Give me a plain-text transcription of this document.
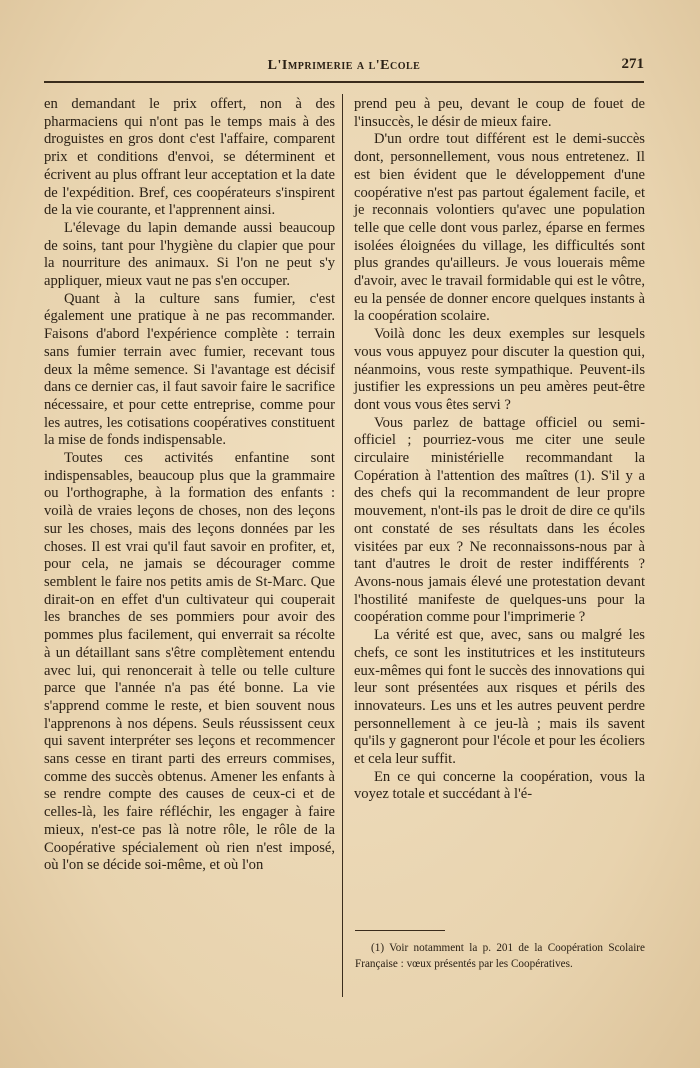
L'Imprimerie a l'Ecole	271

en demandant le prix offert, non à des pharmaciens qui n'ont pas le temps mais à des droguistes en gros dont c'est l'affaire, comparent prix et conditions d'envoi, se déterminent et écrivent au plus offrant leur acceptation et la date de l'expédition. Bref, ces coopérateurs s'inspirent de la vie courante, et l'apprennent ainsi.

L'élevage du lapin demande aussi beaucoup de soins, tant pour l'hygiène du clapier que pour la nourriture des animaux. Si l'on ne peut s'y appliquer, mieux vaut ne pas s'en occuper.

Quant à la culture sans fumier, c'est également une pratique à ne pas recommander. Faisons d'abord l'expérience complète : terrain sans fumier terrain avec fumier, recevant tous deux la même semence. Si l'avantage est décisif dans ce dernier cas, il faut savoir faire le sacrifice nécessaire, et pour cette entreprise, comme pour les autres, les cotisations coopératives constituent la mise de fonds indispensable.

Toutes ces activités enfantine sont indispensables, beaucoup plus que la grammaire ou l'orthographe, à la formation des enfants : voilà de vraies leçons de choses, non des leçons sur les choses, mais des leçons données par les choses. Il est vrai qu'il faut savoir en profiter, et, pour cela, ne jamais se décourager comme semblent le faire nos petits amis de St-Marc. Que dirait-on en effet d'un cultivateur qui couperait les branches de ses pommiers pour avoir des pommes plus facilement, qui enverrait sa récolte à un détaillant sans s'être complètement entendu avec lui, qui renoncerait à telle ou telle culture parce que l'année n'a pas été bonne. La vie s'apprend comme le reste, et bien souvent nous l'apprenons à nos dépens. Seuls réussissent ceux qui savent interpréter ses leçons et recommencer sans cesse en tirant parti des erreurs commises, comme des succès obtenus. Amener les enfants à se rendre compte des causes de ceux-ci et de celles-là, les faire réfléchir, les engager à faire mieux, n'est-ce pas là notre rôle, le rôle de la Coopérative spécialement où rien n'est imposé, où l'on se décide soi-même, et où l'on

prend peu à peu, devant le coup de fouet de l'insuccès, le désir de mieux faire.

D'un ordre tout différent est le demi-succès dont, personnellement, vous nous entretenez. Il est bien évident que le développement d'une coopérative n'est pas partout également facile, et je reconnais volontiers qu'avec une population telle que celle dont vous parlez, éparse en fermes isolées éloignées du village, les difficultés sont plus grandes qu'ailleurs. Je vous louerais même d'avoir, avec le travail formidable qui est le vôtre, eu la pensée de donner encore quelques instants à la coopération scolaire.

Voilà donc les deux exemples sur lesquels vous vous appuyez pour discuter la question qui, néanmoins, vous reste sympathique. Peuvent-ils justifier les expressions un peu amères peut-être dont vous vous êtes servi ?

Vous parlez de battage officiel ou semi-officiel ; pourriez-vous me citer une seule circulaire ministérielle recommandant la Copération à l'attention des maîtres (1). S'il y a des chefs qui la recommandent de leur propre mouvement, n'ont-ils pas le droit de dire ce qu'ils ont constaté de ses résultats dans les écoles visitées par eux ? Ne reconnaissons-nous par à tant d'autres le droit de rester indifférents ? Avons-nous jamais élevé une protestation devant l'hostilité manifeste de quelques-uns pour la coopération comme pour l'imprimerie ?

La vérité est que, avec, sans ou malgré les chefs, ce sont les institutrices et les instituteurs eux-mêmes qui font le succès des innovations qui leur sont présentées aux risques et périls des innovateurs. Les uns et les autres peuvent perdre personnellement à ce jeu-là ; mais ils savent qu'ils y gagneront pour l'école et pour les écoliers et cela leur suffit.

En ce qui concerne la coopération, vous la voyez totale et succédant à l'é-

(1) Voir notamment la p. 201 de la Coopération Scolaire Française : vœux présentés par les Coopératives.
